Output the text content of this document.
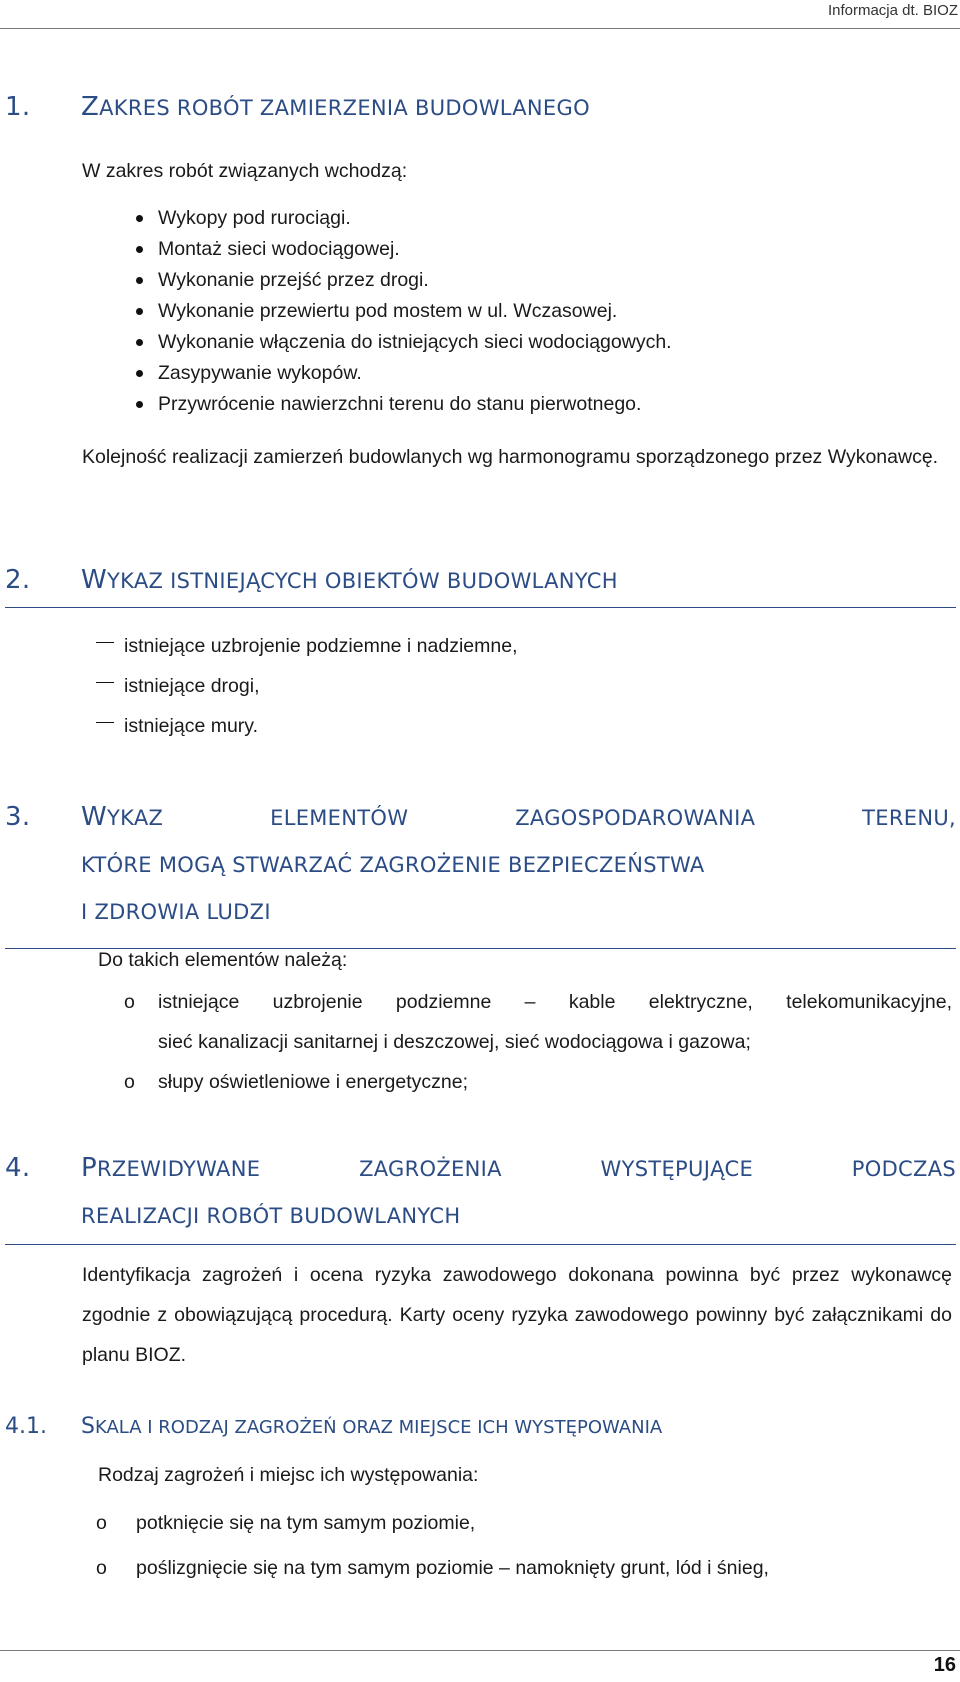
Informacja dt. BIOZ
1. ZAKRES ROBÓT ZAMIERZENIA BUDOWLANEGO
W zakres robót związanych wchodzą:
Wykopy pod rurociągi.
Montaż sieci wodociągowej.
Wykonanie przejść przez drogi.
Wykonanie przewiertu pod mostem w ul. Wczasowej.
Wykonanie włączenia do istniejących sieci wodociągowych.
Zasypywanie wykopów.
Przywrócenie nawierzchni terenu do stanu pierwotnego.
Kolejność realizacji zamierzeń budowlanych wg harmonogramu sporządzonego przez Wykonawcę.
2. WYKAZ ISTNIEJĄCYCH OBIEKTÓW BUDOWLANYCH
istniejące uzbrojenie podziemne i nadziemne,
istniejące drogi,
istniejące mury.
3. WYKAZ ELEMENTÓW ZAGOSPODAROWANIA TERENU,
KTÓRE MOGĄ STWARZAĆ ZAGROŻENIE BEZPIECZEŃSTWA
I ZDROWIA LUDZI
Do takich elementów należą:
o istniejące uzbrojenie podziemne – kable elektryczne, telekomunikacyjne,
sieć kanalizacji sanitarnej i deszczowej, sieć wodociągowa i gazowa;
o słupy oświetleniowe i energetyczne;
4. PRZEWIDYWANE ZAGROŻENIA WYSTĘPUJĄCE PODCZAS
REALIZACJI ROBÓT BUDOWLANYCH
Identyfikacja zagrożeń i ocena ryzyka zawodowego dokonana powinna być przez wykonawcę zgodnie z obowiązującą procedurą. Karty oceny ryzyka zawodowego powinny być załącznikami do planu BIOZ.
4.1. SKALA I RODZAJ ZAGROŻEŃ ORAZ MIEJSCE ICH WYSTĘPOWANIA
Rodzaj zagrożeń i miejsc ich występowania:
o potknięcie się na tym samym poziomie,
o poślizgnięcie się na tym samym poziomie – namoknięty grunt, lód i śnieg,
16
